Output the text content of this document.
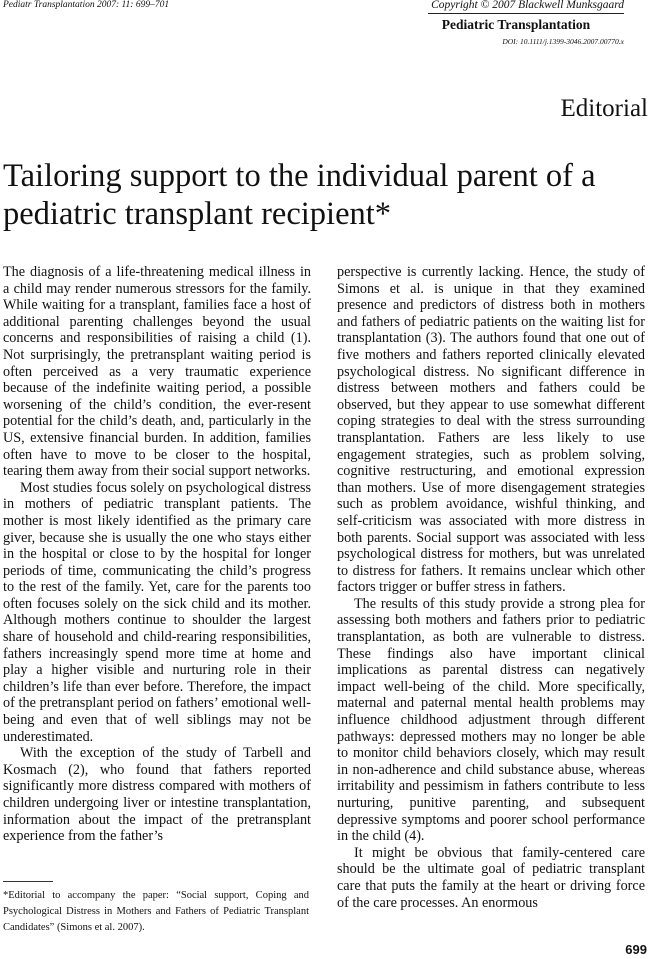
Pediatr Transplantation 2007: 11: 699–701	Copyright © 2007 Blackwell Munksgaard
Pediatric Transplantation
DOI: 10.1111/j.1399-3046.2007.00770.x
Editorial
Tailoring support to the individual parent of a pediatric transplant recipient*

The diagnosis of a life-threatening medical illness in a child may render numerous stressors for the family. While waiting for a transplant, families face a host of additional parenting challenges beyond the usual concerns and responsibilities of raising a child (1). Not surprisingly, the pretransplant waiting period is often perceived as a very traumatic experience because of the indefinite waiting period, a possible worsening of the child’s condition, the ever-resent potential for the child’s death, and, particularly in the US, extensive financial burden. In addition, families often have to move to be closer to the hospital, tearing them away from their social support networks.

Most studies focus solely on psychological distress in mothers of pediatric transplant patients. The mother is most likely identified as the primary care giver, because she is usually the one who stays either in the hospital or close to by the hospital for longer periods of time, communicating the child’s progress to the rest of the family. Yet, care for the parents too often focuses solely on the sick child and its mother. Although mothers continue to shoulder the largest share of household and child-rearing responsibilities, fathers increasingly spend more time at home and play a higher visible and nurturing role in their children’s life than ever before. Therefore, the impact of the pretransplant period on fathers’ emotional well-being and even that of well siblings may not be underestimated.

With the exception of the study of Tarbell and Kosmach (2), who found that fathers reported significantly more distress compared with mothers of children undergoing liver or intestine transplantation, information about the impact of the pretransplant experience from the father’s

perspective is currently lacking. Hence, the study of Simons et al. is unique in that they examined presence and predictors of distress both in mothers and fathers of pediatric patients on the waiting list for transplantation (3). The authors found that one out of five mothers and fathers reported clinically elevated psychological distress. No significant difference in distress between mothers and fathers could be observed, but they appear to use somewhat different coping strategies to deal with the stress surrounding transplantation. Fathers are less likely to use engagement strategies, such as problem solving, cognitive restructuring, and emotional expression than mothers. Use of more disengagement strategies such as problem avoidance, wishful thinking, and self-criticism was associated with more distress in both parents. Social support was associated with less psychological distress for mothers, but was unrelated to distress for fathers. It remains unclear which other factors trigger or buffer stress in fathers.

The results of this study provide a strong plea for assessing both mothers and fathers prior to pediatric transplantation, as both are vulnerable to distress. These findings also have important clinical implications as parental distress can negatively impact well-being of the child. More specifically, maternal and paternal mental health problems may influence childhood adjustment through different pathways: depressed mothers may no longer be able to monitor child behaviors closely, which may result in non-adherence and child substance abuse, whereas irritability and pessimism in fathers contribute to less nurturing, punitive parenting, and subsequent depressive symptoms and poorer school performance in the child (4).

It might be obvious that family-centered care should be the ultimate goal of pediatric transplant care that puts the family at the heart or driving force of the care processes. An enormous

*Editorial to accompany the paper: “Social support, Coping and Psychological Distress in Mothers and Fathers of Pediatric Transplant Candidates” (Simons et al. 2007).
699
